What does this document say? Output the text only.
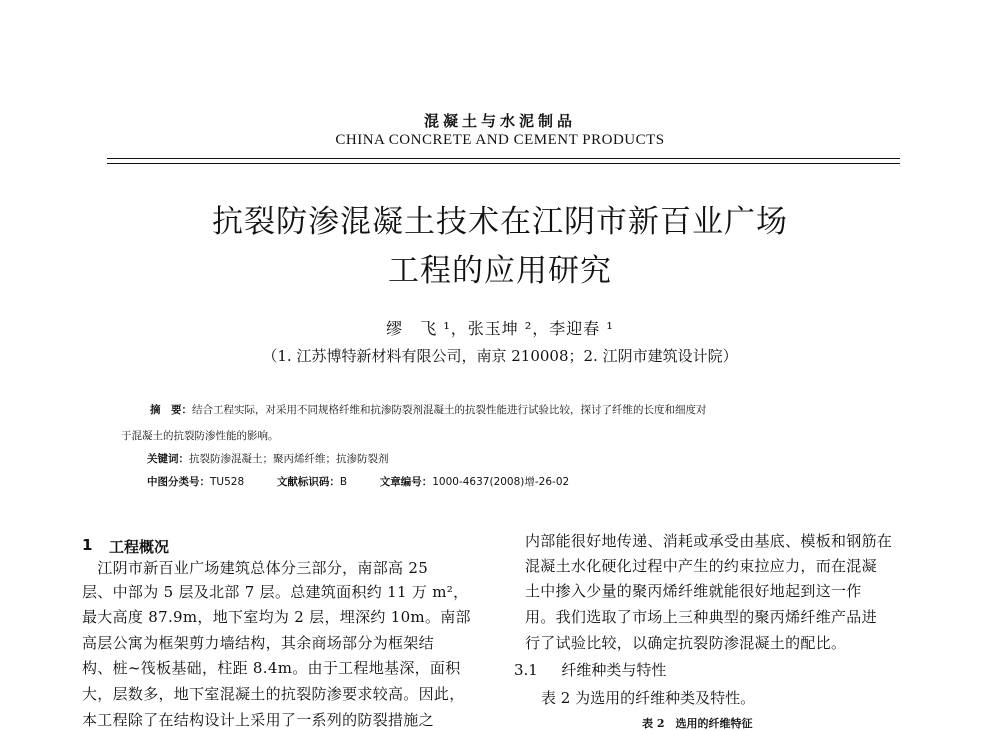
混凝土与水泥制品
CHINA CONCRETE AND CEMENT PRODUCTS
抗裂防渗混凝土技术在江阴市新百业广场
工程的应用研究
缪　飞 ¹，张玉坤 ²，李迎春 ¹
（1. 江苏博特新材料有限公司，南京 210008；2. 江阴市建筑设计院）
摘　要：结合工程实际，对采用不同规格纤维和抗渗防裂剂混凝土的抗裂性能进行试验比较，探讨了纤维的长度和细度对
于混凝土的抗裂防渗性能的影响。
关键词：抗裂防渗混凝土；聚丙烯纤维；抗渗防裂剂
中图分类号：TU528	文献标识码：B	文章编号：1000-4637(2008)增-26-02
1 工程概况
　江阴市新百业广场建筑总体分三部分，南部高 25
层、中部为 5 层及北部 7 层。总建筑面积约 11 万 m²，
最大高度 87.9m，地下室均为 2 层，埋深约 10m。南部
高层公寓为框架剪力墙结构，其余商场部分为框架结
构、桩~筏板基础，柱距 8.4m。由于工程地基深，面积
大，层数多，地下室混凝土的抗裂防渗要求较高。因此，
本工程除了在结构设计上采用了一系列的防裂措施之
内部能很好地传递、消耗或承受由基底、模板和钢筋在
混凝土水化硬化过程中产生的约束拉应力，而在混凝
土中掺入少量的聚丙烯纤维就能很好地起到这一作
用。我们选取了市场上三种典型的聚丙烯纤维产品进
行了试验比较，以确定抗裂防渗混凝土的配比。
3.1 纤维种类与特性
表 2 为选用的纤维种类及特性。
表 2　选用的纤维特征
